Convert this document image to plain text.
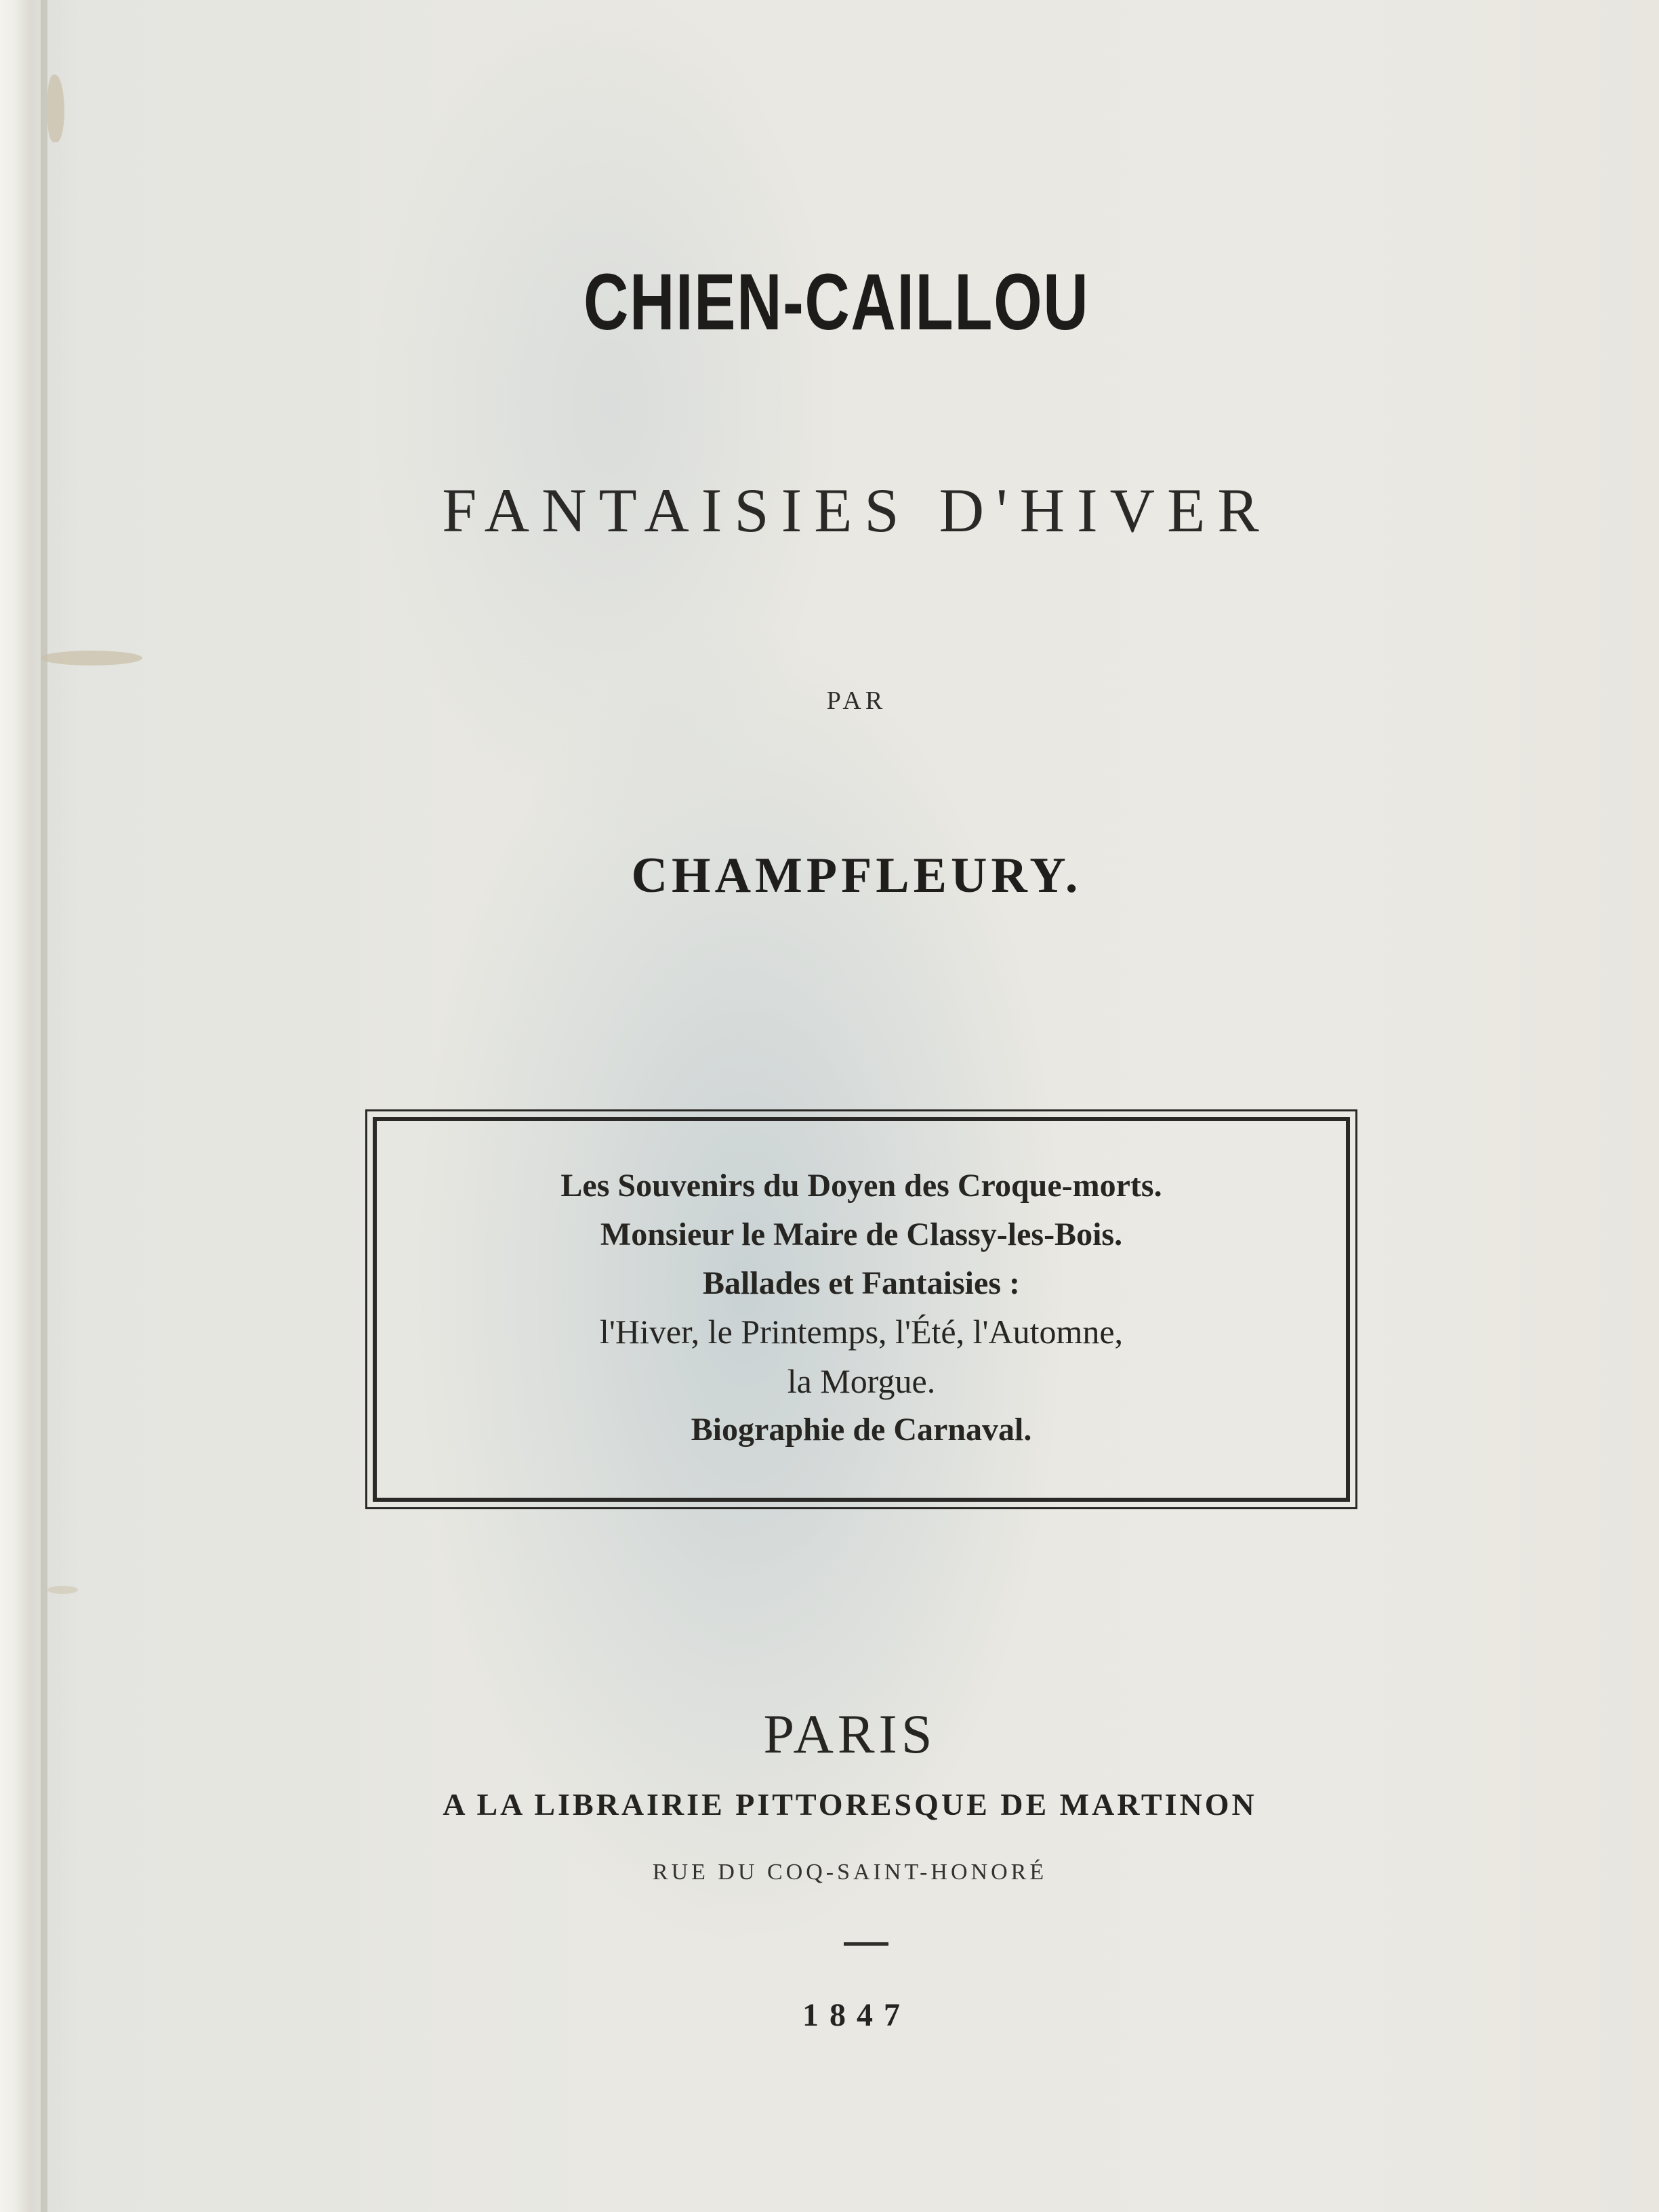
CHIEN-CAILLOU
FANTAISIES D'HIVER
PAR
CHAMPFLEURY.
Les Souvenirs du Doyen des Croque-morts.
Monsieur le Maire de Classy-les-Bois.
Ballades et Fantaisies :
l'Hiver, le Printemps, l'Été, l'Automne,
la Morgue.
Biographie de Carnaval.
PARIS
A LA LIBRAIRIE PITTORESQUE DE MARTINON
RUE DU COQ-SAINT-HONORÉ
1847
